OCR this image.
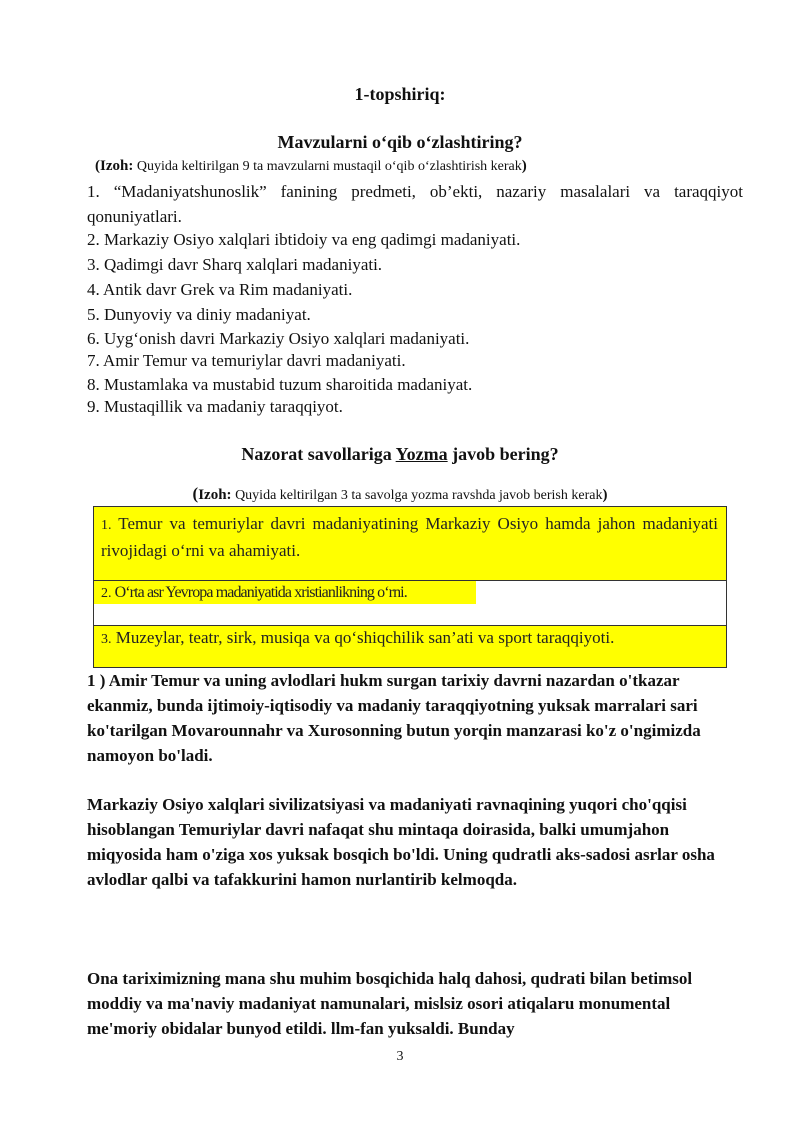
1-topshiriq:
Mavzularni o‘qib o‘zlashtiring?
(Izoh: Quyida keltirilgan 9 ta mavzularni mustaqil o‘qib o‘zlashtirish kerak)
1. “Madaniyatshunoslik” fanining predmeti, ob’ekti, nazariy masalalari va taraqqiyot qonuniyatlari.
2. Markaziy Osiyo xalqlari ibtidoiy va eng qadimgi madaniyati.
3. Qadimgi davr Sharq xalqlari madaniyati.
4. Antik davr Grek va Rim madaniyati.
5. Dunyoviy va diniy madaniyat.
6. Uyg‘onish davri Markaziy Osiyo xalqlari madaniyati.
7. Amir Temur va temuriylar davri madaniyati.
8. Mustamlaka va mustabid tuzum sharoitida madaniyat.
9. Mustaqillik va madaniy taraqqiyot.
Nazorat savollariga Yozma javob bering?
(Izoh: Quyida keltirilgan 3 ta savolga yozma ravshda javob berish kerak)
1. Temur va temuriylar davri madaniyatining Markaziy Osiyo hamda jahon madaniyati rivojidagi o‘rni va ahamiyati.
2. O‘rta asr Yevropa madaniyatida xristianlikning o‘rni.
3. Muzeylar, teatr, sirk, musiqa va qo‘shiqchilik san’ati va sport taraqqiyoti.
1 ) Amir Temur va uning avlodlari hukm surgan tarixiy davrni nazardan o'tkazar ekanmiz, bunda ijtimoiy-iqtisodiy va madaniy taraqqiyotning yuksak marralari sari ko'tarilgan Movarounnahr va Xurosonning butun yorqin manzarasi ko'z o'ngimizda namoyon bo'ladi.
Markaziy Osiyo xalqlari sivilizatsiyasi va madaniyati ravnaqining yuqori cho'qqisi hisoblangan Temuriylar davri nafaqat shu mintaqa doirasida, balki umumjahon miqyosida ham o'ziga xos yuksak bosqich bo'ldi. Uning qudratli aks-sadosi asrlar osha avlodlar qalbi va tafakkurini hamon nurlantirib kelmoqda.
Ona tariximizning mana shu muhim bosqichida halq dahosi, qudrati bilan betimsol moddiy va ma'naviy madaniyat namunalari, mislsiz osori atiqalaru monumental me'moriy obidalar bunyod etildi. llm-fan yuksaldi. Bunday
3
